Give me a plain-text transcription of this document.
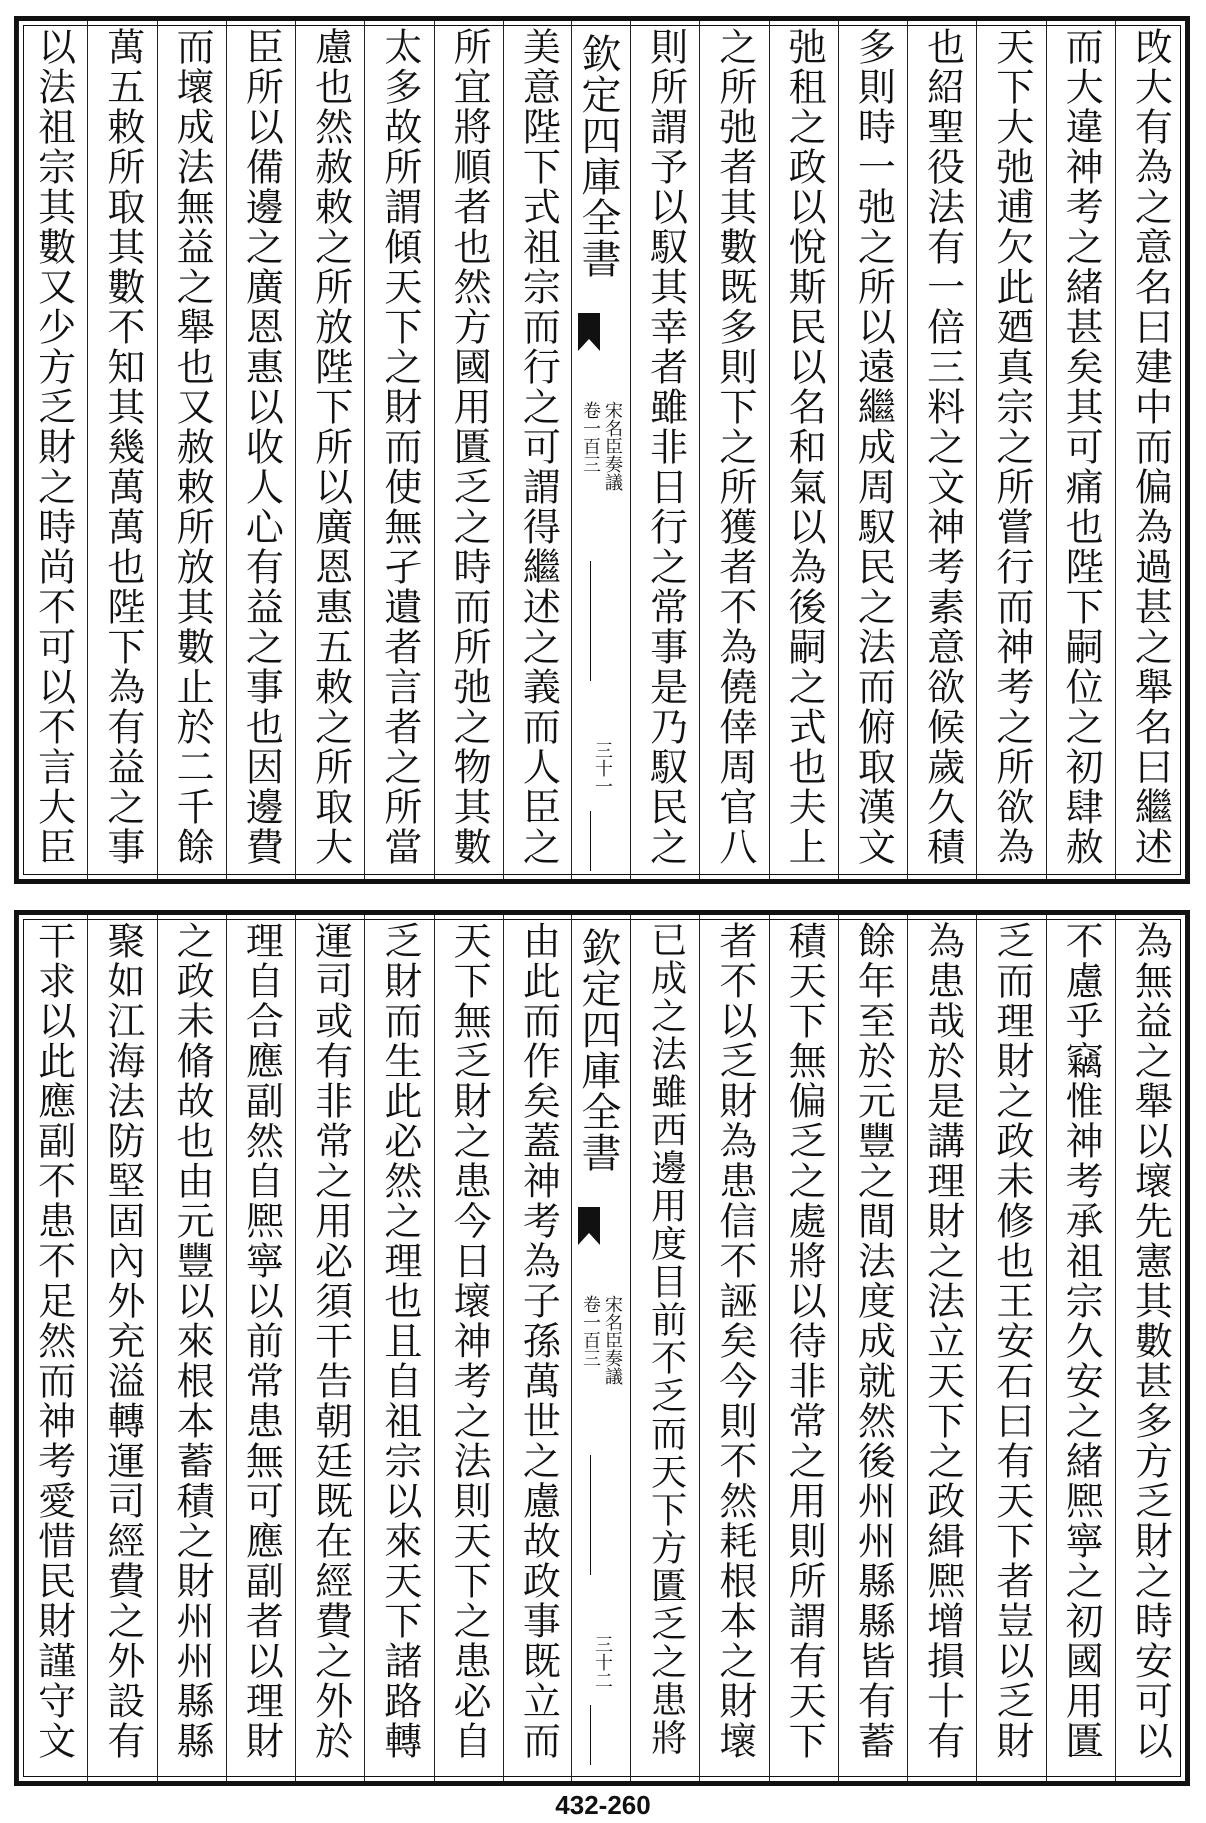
攺大有為之意名曰建中而偏為過甚之舉名曰繼述
而大違神考之緒甚矣其可痛也陛下嗣位之初肆赦
天下大弛逋欠此廼真宗之所嘗行而神考之所欲為
也紹聖役法有一倍三料之文神考素意欲候歲久積
多則時一弛之所以遠繼成周馭民之法而俯取漢文
弛租之政以悅斯民以名和氣以為後嗣之式也夫上
之所弛者其數既多則下之所獲者不為僥倖周官八
則所謂予以馭其幸者雖非日行之常事是乃馭民之
美意陛下式祖宗而行之可謂得繼述之義而人臣之
所宜將順者也然方國用匱乏之時而所弛之物其數
太多故所謂傾天下之財而使無孑遺者言者之所當
慮也然赦敕之所放陛下所以廣恩惠五敕之所取大
臣所以備邊之廣恩惠以收人心有益之事也因邊費
而壞成法無益之舉也又赦敕所放其數止於二千餘
萬五敕所取其數不知其幾萬萬也陛下為有益之事
以法祖宗其數又少方乏財之時尚不可以不言大臣	欽定四庫全書
宋名臣奏議
卷一百三
三十一
為無益之舉以壞先憲其數甚多方乏財之時安可以
不慮乎竊惟神考承祖宗久安之緒熈寧之初國用匱
乏而理財之政未修也王安石曰有天下者豈以乏財
為患哉於是講理財之法立天下之政緝熈增損十有
餘年至於元豐之間法度成就然後州州縣縣皆有蓄
積天下無偏乏之處將以待非常之用則所謂有天下
者不以乏財為患信不誣矣今則不然耗根本之財壞
已成之法雖西邊用度目前不乏而天下方匱乏之患將
由此而作矣蓋神考為子孫萬世之慮故政事既立而
天下無乏財之患今日壞神考之法則天下之患必自
乏財而生此必然之理也且自祖宗以來天下諸路轉
運司或有非常之用必須干告朝廷既在經費之外於
理自合應副然自熈寧以前常患無可應副者以理財
之政未脩故也由元豐以來根本蓄積之財州州縣縣
聚如江海法防堅固內外充溢轉運司經費之外設有
干求以此應副不患不足然而神考愛惜民財謹守文	欽定四庫全書
宋名臣奏議
卷一百三
三十二
432-260
